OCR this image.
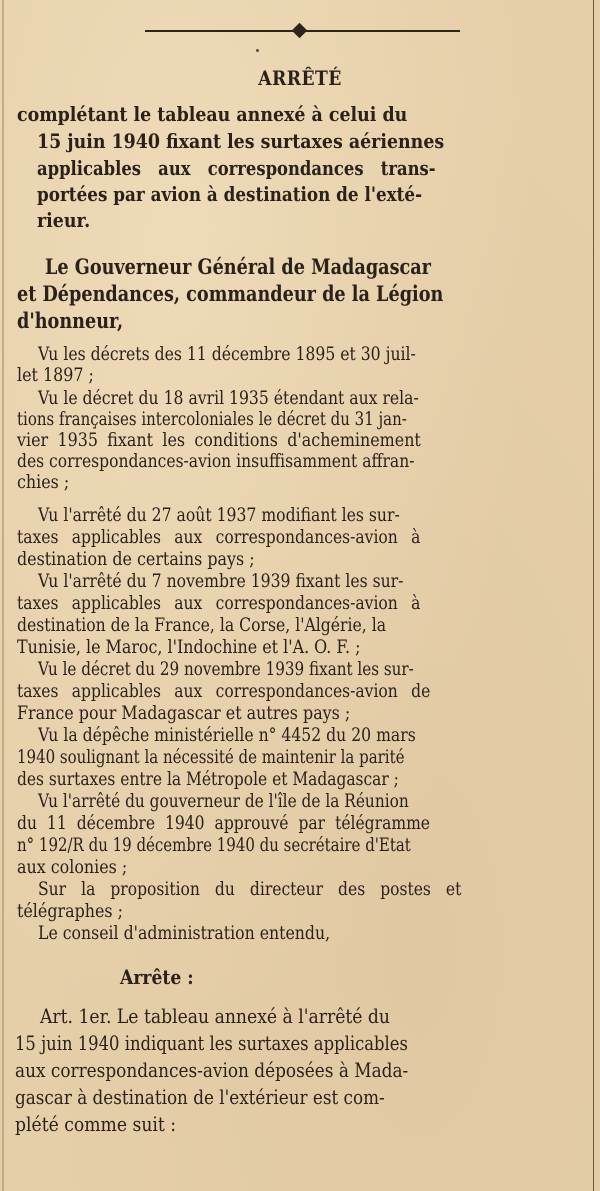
ARRÊTÉ
complétant le tableau annexé à celui du
15 juin 1940 fixant les surtaxes aériennes
applicables aux correspondances trans-
portées par avion à destination de l'exté-
rieur.
Le Gouverneur Général de Madagascar
et Dépendances, commandeur de la Légion
d'honneur,
Vu les décrets des 11 décembre 1895 et 30 juil-
let 1897 ;
Vu le décret du 18 avril 1935 étendant aux rela-
tions françaises intercoloniales le décret du 31 jan-
vier 1935 fixant les conditions d'acheminement
des correspondances-avion insuffisamment affran-
chies ;
Vu l'arrêté du 27 août 1937 modifiant les sur-
taxes applicables aux correspondances-avion à
destination de certains pays ;
Vu l'arrêté du 7 novembre 1939 fixant les sur-
taxes applicables aux correspondances-avion à
destination de la France, la Corse, l'Algérie, la
Tunisie, le Maroc, l'Indochine et l'A. O. F. ;
Vu le décret du 29 novembre 1939 fixant les sur-
taxes applicables aux correspondances-avion de
France pour Madagascar et autres pays ;
Vu la dépêche ministérielle n° 4452 du 20 mars
1940 soulignant la nécessité de maintenir la parité
des surtaxes entre la Métropole et Madagascar ;
Vu l'arrêté du gouverneur de l'île de la Réunion
du 11 décembre 1940 approuvé par télégramme
n° 192/R du 19 décembre 1940 du secrétaire d'Etat
aux colonies ;
Sur la proposition du directeur des postes et
télégraphes ;
Le conseil d'administration entendu,
Arrête :
Art. 1er. Le tableau annexé à l'arrêté du
15 juin 1940 indiquant les surtaxes applicables
aux correspondances-avion déposées à Mada-
gascar à destination de l'extérieur est com-
plété comme suit :
